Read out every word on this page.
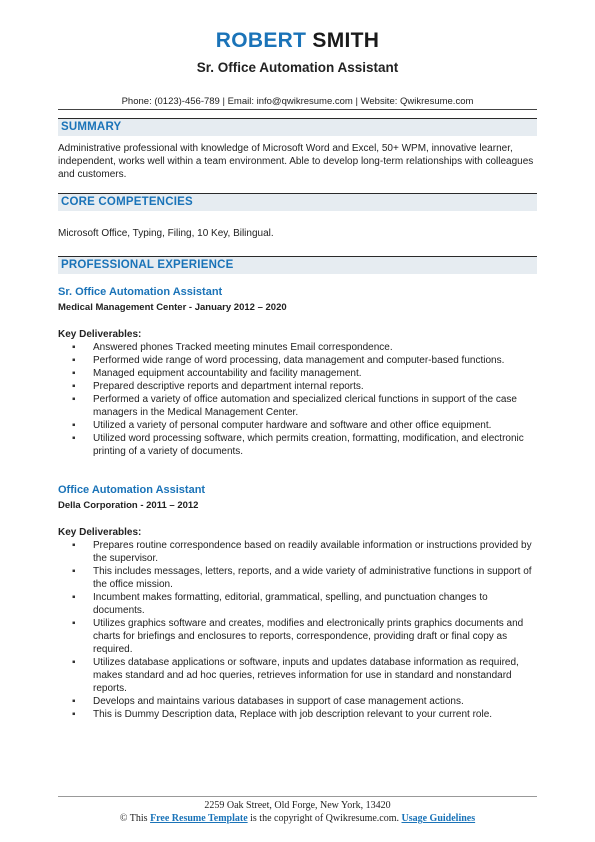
ROBERT SMITH
Sr. Office Automation Assistant
Phone: (0123)-456-789 | Email: info@qwikresume.com | Website: Qwikresume.com
SUMMARY

Administrative professional with knowledge of Microsoft Word and Excel, 50+ WPM, innovative learner, independent, works well within a team environment. Able to develop long-term relationships with colleagues and customers.

CORE COMPETENCIES

Microsoft Office, Typing, Filing, 10 Key, Bilingual.

PROFESSIONAL EXPERIENCE
Sr. Office Automation Assistant
Medical Management Center - January 2012 – 2020
Key Deliverables:
▪ Answered phones Tracked meeting minutes Email correspondence.
▪ Performed wide range of word processing, data management and computer-based functions.
▪ Managed equipment accountability and facility management.
▪ Prepared descriptive reports and department internal reports.
▪ Performed a variety of office automation and specialized clerical functions in support of the case managers in the Medical Management Center.
▪ Utilized a variety of personal computer hardware and software and other office equipment.
▪ Utilized word processing software, which permits creation, formatting, modification, and electronic printing of a variety of documents.
Office Automation Assistant
Della Corporation - 2011 – 2012
Key Deliverables:
▪ Prepares routine correspondence based on readily available information or instructions provided by the supervisor.
▪ This includes messages, letters, reports, and a wide variety of administrative functions in support of the office mission.
▪ Incumbent makes formatting, editorial, grammatical, spelling, and punctuation changes to documents.
▪ Utilizes graphics software and creates, modifies and electronically prints graphics documents and charts for briefings and enclosures to reports, correspondence, providing draft or final copy as required.
▪ Utilizes database applications or software, inputs and updates database information as required, makes standard and ad hoc queries, retrieves information for use in standard and nonstandard reports.
▪ Develops and maintains various databases in support of case management actions.
▪ This is Dummy Description data, Replace with job description relevant to your current role.
2259 Oak Street, Old Forge, New York, 13420
© This Free Resume Template is the copyright of Qwikresume.com. Usage Guidelines
